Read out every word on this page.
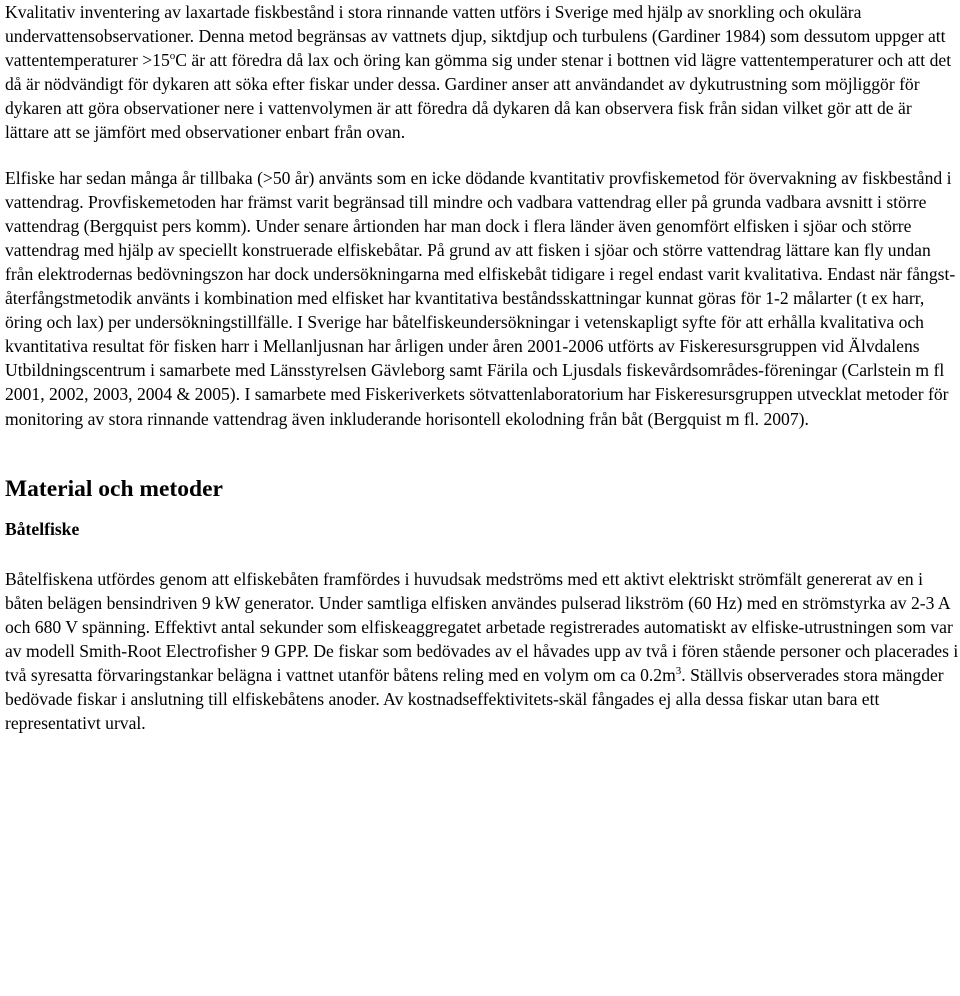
Kvalitativ inventering av laxartade fiskbestånd i stora rinnande vatten utförs i Sverige med hjälp av snorkling och okulära undervattensobservationer. Denna metod begränsas av vattnets djup, siktdjup och turbulens (Gardiner 1984) som dessutom uppger att vattentemperaturer $>15^oC$ är att föredra då lax och öring kan gömma sig under stenar i bottnen vid lägre vattentemperaturer och att det då är nödvändigt för dykaren att söka efter fiskar under dessa. Gardiner anser att användandet av dykutrustning som möjliggör för dykaren att göra observationer nere i vattenvolymen är att föredra då dykaren då kan observera fisk från sidan vilket gör att de är lättare att se jämfört med observationer enbart från ovan.

Elfiske har sedan många år tillbaka (>50 år) använts som en icke dödande kvantitativ provfiskemetod för övervakning av fiskbestånd i vattendrag. Provfiskemetoden har främst varit begränsad till mindre och vadbara vattendrag eller på grunda vadbara avsnitt i större vattendrag (Bergquist pers komm). Under senare årtionden har man dock i flera länder även genomfört elfisken i sjöar och större vattendrag med hjälp av speciellt konstruerade elfiskebåtar. På grund av att fisken i sjöar och större vattendrag lättare kan fly undan från elektrodernas bedövningszon har dock undersökningarna med elfiskebåt tidigare i regel endast varit kvalitativa. Endast när fångst-återfångstmetodik använts i kombination med elfisket har kvantitativa beståndsskattningar kunnat göras för 1-2 målarter (t ex harr, öring och lax) per undersökningstillfälle. I Sverige har båtelfiskeundersökningar i vetenskapligt syfte för att erhålla kvalitativa och kvantitativa resultat för fisken harr i Mellanljusnan har årligen under åren 2001-2006 utförts av Fiskeresursgruppen vid Älvdalens Utbildningscentrum i samarbete med Länsstyrelsen Gävleborg samt Färila och Ljusdals fiskevårdsområdes-föreningar (Carlstein m fl 2001, 2002, 2003, 2004 & 2005). I samarbete med Fiskeriverkets sötvattenlaboratorium har Fiskeresursgruppen utvecklat metoder för monitoring av stora rinnande vattendrag även inkluderande horisontell ekolodning från båt (Bergquist m fl. 2007).

Material och metoder
Båtelfiske

Båtelfiskena utfördes genom att elfiskebåten framfördes i huvudsak medströms med ett aktivt elektriskt strömfält genererat av en i båten belägen bensindriven 9 kW generator. Under samtliga elfisken användes pulserad likström (60 Hz) med en strömstyrka av 2-3 A och 680 V spänning. Effektivt antal sekunder som elfiskeaggregatet arbetade registrerades automatiskt av elfiske-utrustningen som var av modell Smith-Root Electrofisher 9 GPP. De fiskar som bedövades av el håvades upp av två i fören stående personer och placerades i två syresatta förvaringstankar belägna i vattnet utanför båtens reling med en volym om ca $0.2m^3$. Ställvis observerades stora mängder bedövade fiskar i anslutning till elfiskebåtens anoder. Av kostnadseffektivitets-skäl fångades ej alla dessa fiskar utan bara ett representativt urval.
